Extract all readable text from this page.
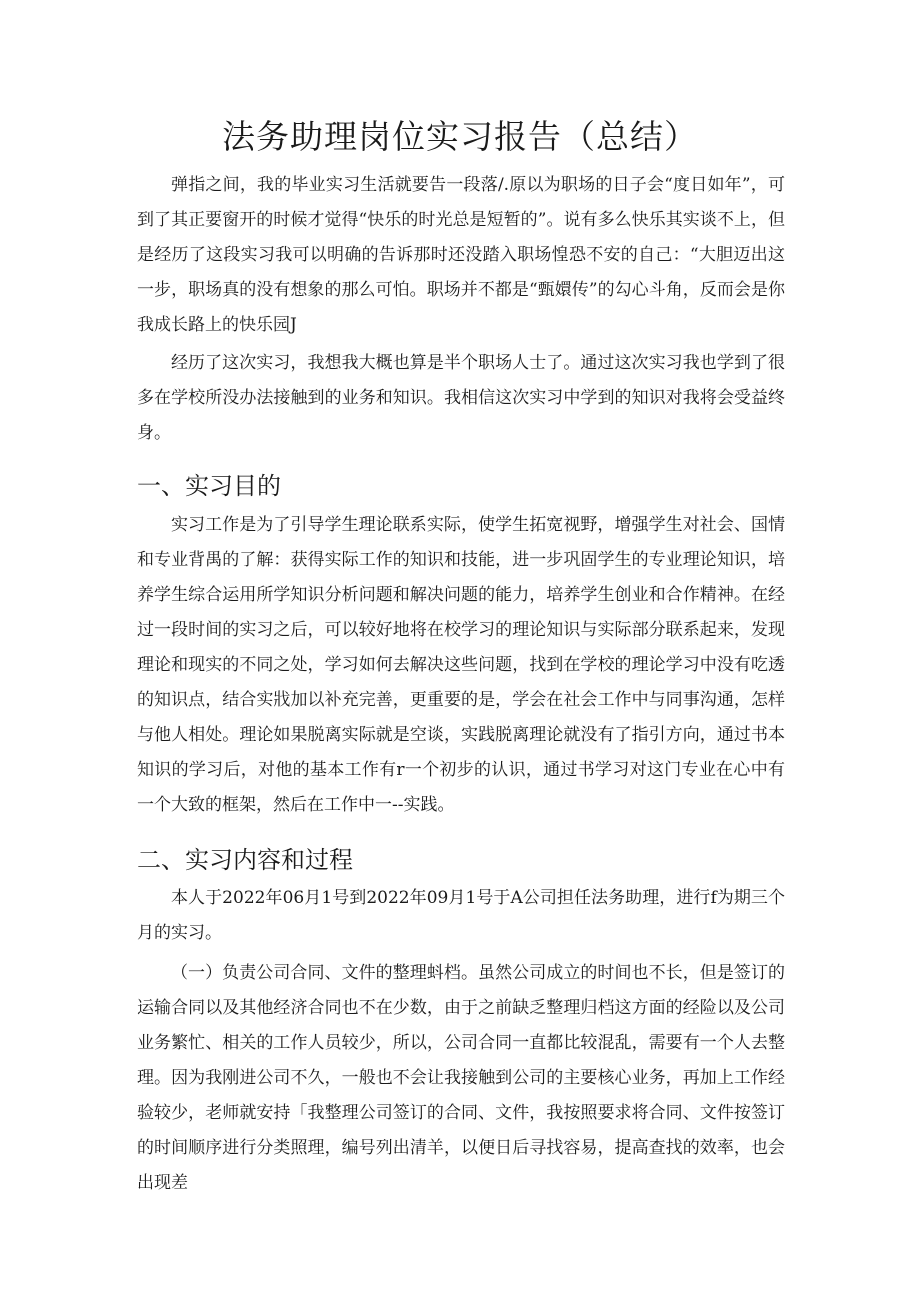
法务助理岗位实习报告（总结）

弹指之间，我的毕业实习生活就要告一段落/.原以为职场的日子会“度日如年”，可到了其正要窗开的时候才觉得“快乐的时光总是短暂的”。说有多么快乐其实谈不上，但是经历了这段实习我可以明确的告诉那时还没踏入职场惶恐不安的自己：“大胆迈出这一步，职场真的没有想象的那么可怕。职场并不都是“甄嬛传”的勾心斗角，反而会是你我成长路上的快乐园J

经历了这次实习，我想我大概也算是半个职场人士了。通过这次实习我也学到了很多在学校所没办法接触到的业务和知识。我相信这次实习中学到的知识对我将会受益终身。

一、实习目的

实习工作是为了引导学生理论联系实际，使学生拓宽视野，增强学生对社会、国情和专业背禺的了解：获得实际工作的知识和技能，进一步巩固学生的专业理论知识，培养学生综合运用所学知识分析问题和解决问题的能力，培养学生创业和合作精神。在经过一段时间的实习之后，可以较好地将在校学习的理论知识与实际部分联系起来，发现理论和现实的不同之处，学习如何去解决这些问题，找到在学校的理论学习中没有吃透的知识点，结合实戕加以补充完善，更重要的是，学会在社会工作中与同事沟通，怎样与他人相处。理论如果脱离实际就是空谈，实践脱离理论就没有了指引方向，通过书本知识的学习后，对他的基本工作有r一个初步的认识，通过书学习对这门专业在心中有一个大致的框架，然后在工作中一--实践。

二、实习内容和过程

本人于2022年06月1号到2022年09月1号于A公司担任法务助理，进行f为期三个月的实习。

（一）负责公司合同、文件的整理蚪档。虽然公司成立的时间也不长，但是签订的运输合同以及其他经济合同也不在少数，由于之前缺乏整理归档这方面的经险以及公司业务繁忙、相关的工作人员较少，所以，公司合同一直都比较混乱，需要有一个人去整理。因为我刚进公司不久，一般也不会让我接触到公司的主要核心业务，再加上工作经验较少，老师就安持「我整理公司签订的合同、文件，我按照要求将合同、文件按签订的时间顺序进行分类照理，编号列出清羊，以便日后寻找容易，提高查找的效率，也会出现差
